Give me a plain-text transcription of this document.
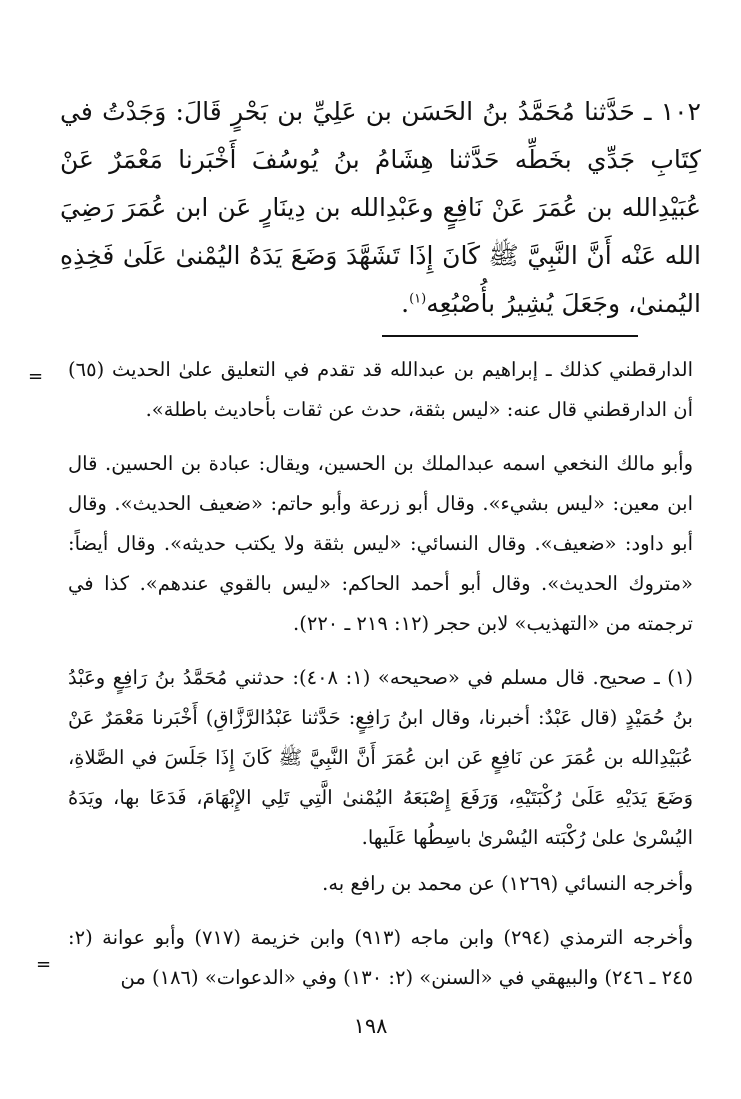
١٠٢ ـ حَدَّثنا مُحَمَّدُ بنُ الحَسَن بن عَلِيِّ بن بَحْرٍ قَالَ: وَجَدْتُ في كِتَابِ جَدِّي بخَطِّه حَدَّثنا هِشَامُ بنُ يُوسُفَ أَخْبَرنا مَعْمَرٌ عَنْ عُبَيْدِالله بن عُمَرَ عَنْ نَافِعٍ وعَبْدِالله بن دِينَارٍ عَن ابن عُمَرَ رَضِيَ الله عَنْه أَنَّ النَّبِيَّ ﷺ كَانَ إِذَا تَشَهَّدَ وَضَعَ يَدَهُ اليُمْنىٰ عَلَىٰ فَخِذِهِ اليُمنىٰ، وجَعَلَ يُشِيرُ بأُصْبُعِه$^{(١)}$.

الدارقطني كذلك ـ إبراهيم بن عبدالله قد تقدم في التعليق علىٰ الحديث (٦٥) أن الدارقطني قال عنه: «ليس بثقة، حدث عن ثقات بأحاديث باطلة».

وأبو مالك النخعي اسمه عبدالملك بن الحسين، ويقال: عبادة بن الحسين. قال ابن معين: «ليس بشيء». وقال أبو زرعة وأبو حاتم: «ضعيف الحديث». وقال أبو داود: «ضعيف». وقال النسائي: «ليس بثقة ولا يكتب حديثه». وقال أيضاً: «متروك الحديث». وقال أبو أحمد الحاكم: «ليس بالقوي عندهم». كذا في ترجمته من «التهذيب» لابن حجر (١٢: ٢١٩ ـ ٢٢٠).

(١) ـ صحيح. قال مسلم في «صحيحه» (١: ٤٠٨): حدثني مُحَمَّدُ بنُ رَافِعٍ وعَبْدُ بنُ حُمَيْدٍ (قال عَبْدٌ: أخبرنا، وقال ابنُ رَافِعٍ: حَدَّثنا عَبْدُالرَّزَّاقِ) أَخْبَرنا مَعْمَرٌ عَنْ عُبَيْدِالله بن عُمَرَ عن نَافِعٍ عَن ابن عُمَرَ أَنَّ النَّبِيَّ ﷺ كَانَ إِذَا جَلَسَ في الصَّلاةِ، وَضَعَ يَدَيْهِ عَلَىٰ رُكْبَتَيْهِ، وَرَفَعَ إِصْبَعَهُ اليُمْنىٰ الَّتِي تَلِي الإِبْهَامَ، فَدَعَا بها، ويَدَهُ اليُسْرىٰ علىٰ رُكْبَته اليُسْرىٰ باسِطُها عَلَيها.

وأخرجه النسائي (١٢٦٩) عن محمد بن رافع به.

وأخرجه الترمذي (٢٩٤) وابن ماجه (٩١٣) وابن خزيمة (٧١٧) وأبو عوانة (٢: ٢٤٥ ـ ٢٤٦) والبيهقي في «السنن» (٢: ١٣٠) وفي «الدعوات» (١٨٦) من

=
=
١٩٨
